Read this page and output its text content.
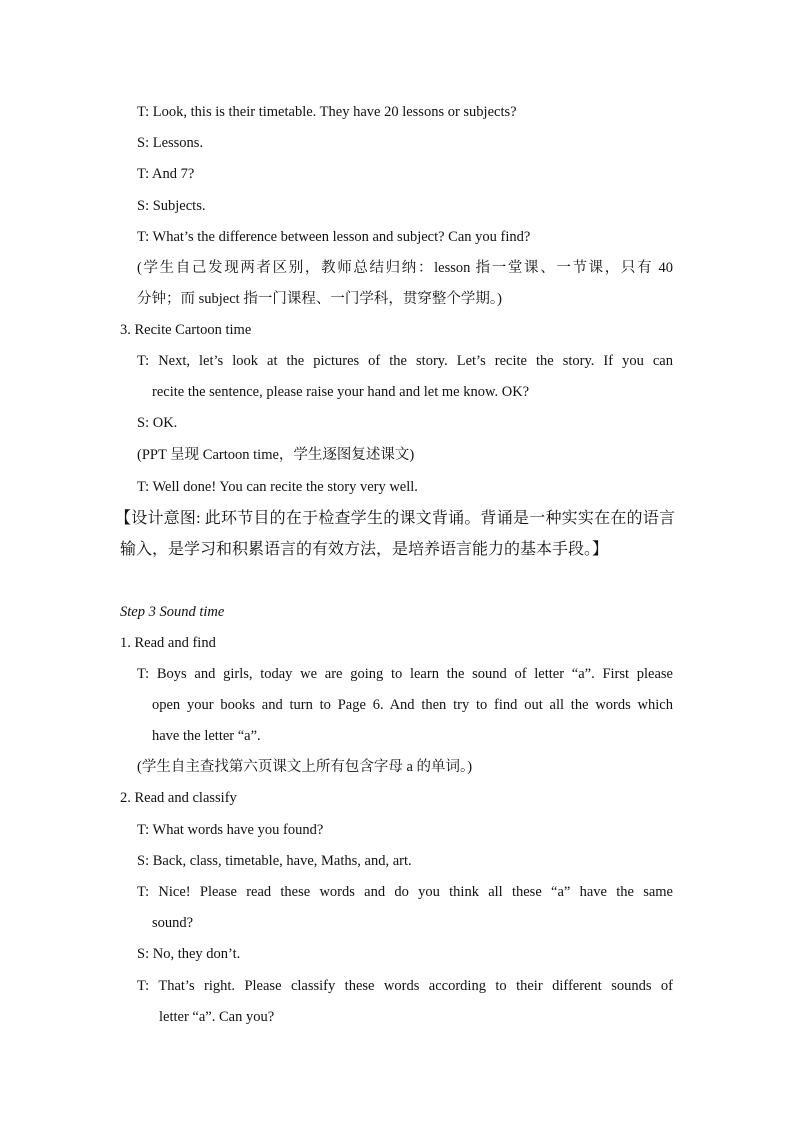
T: Look, this is their timetable. They have 20 lessons or subjects?
S: Lessons.
T: And 7?
S: Subjects.
T: What’s the difference between lesson and subject? Can you find?
(学生自己发现两者区别，教师总结归纳：lesson 指一堂课、一节课，只有 40
分钟；而 subject 指一门课程、一门学科，贯穿整个学期。)
3. Recite Cartoon time
T: Next, let’s look at the pictures of the story. Let’s recite the story. If you can
recite the sentence, please raise your hand and let me know. OK?
S: OK.
(PPT 呈现 Cartoon time，学生逐图复述课文)
T: Well done! You can recite the story very well.
【设计意图: 此环节目的在于检查学生的课文背诵。背诵是一种实实在在的语言
输入，是学习和积累语言的有效方法，是培养语言能力的基本手段。】
Step 3 Sound time
1. Read and find
T: Boys and girls, today we are going to learn the sound of letter “a”. First please
open your books and turn to Page 6. And then try to find out all the words which
have the letter “a”.
(学生自主查找第六页课文上所有包含字母 a 的单词。)
2. Read and classify
T: What words have you found?
S: Back, class, timetable, have, Maths, and, art.
T: Nice! Please read these words and do you think all these “a” have the same
sound?
S: No, they don’t.
T: That’s right. Please classify these words according to their different sounds of
letter “a”. Can you?
